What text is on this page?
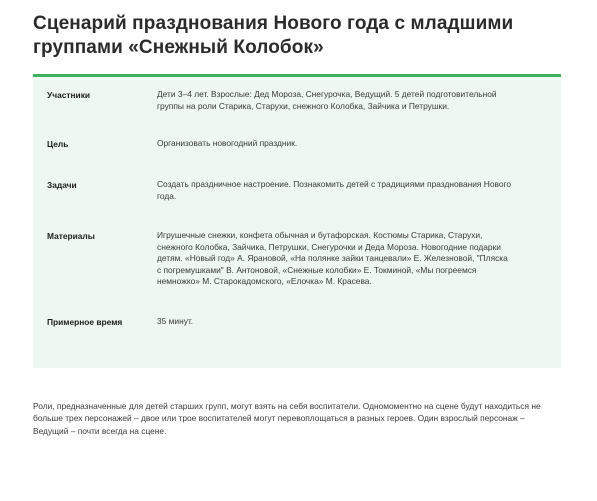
Сценарий празднования Нового года с младшими группами «Снежный Колобок»
Участники	Дети 3–4 лет. Взрослые: Дед Мороза, Снегурочка, Ведущий. 5 детей подготовительной группы на роли Старика, Старухи, снежного Колобка, Зайчика и Петрушки.
Цель	Организовать новогодний праздник.
Задачи	Создать праздничное настроение. Познакомить детей с традициями празднования Нового года.
Материалы	Игрушечные снежки, конфета обычная и бутафорская. Костюмы Старика, Старухи, снежного Колобка, Зайчика, Петрушки, Снегурочки и Деда Мороза. Новогодние подарки детям. «Новый год» А. Ярановой, «На полянке зайки танцевали» Е. Железновой, "Пляска с погремушками" В. Антоновой, «Снежные колобки» Е. Токминой, «Мы погреемся немножко» М. Старокадомского, «Елочка» М. Красева.
Примерное время	35 минут.

Роли, предназначенные для детей старших групп, могут взять на себя воспитатели. Одномоментно на сцене будут находиться не больше трех персонажей – двое или трое воспитателей могут перевоплощаться в разных героев. Один взрослый персонаж – Ведущий – почти всегда на сцене.
